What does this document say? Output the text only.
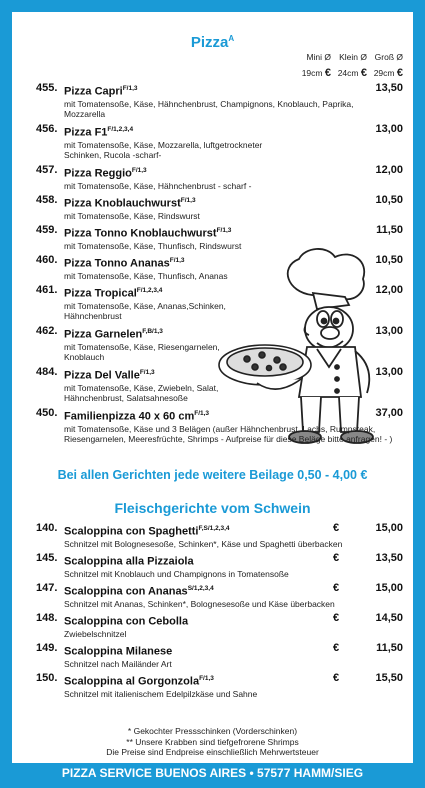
Pizza$^A$
Mini Ø Klein Ø Groß Ø
19cm € 24cm € 29cm €
455. Pizza Capri$^{F/1,3}$	13,50
mit Tomatensoße, Käse, Hähnchenbrust, Champignons, Knoblauch, Paprika, Mozzarella
456. Pizza $F1^{F/1,2,3,4}$	13,00
mit Tomatensoße, Käse, Mozzarella, luftgetrockneter Schinken, Rucola -scharf-
457. Pizza Reggio$^{F/1,3}$	12,00
mit Tomatensoße, Käse, Hähnchenbrust - scharf -
458. Pizza Knoblauchwurst$^{F/1,3}$	10,50
mit Tomatensoße, Käse, Rindswurst
459. Pizza Tonno Knoblauchwurst$^{F/1,3}$	11,50
mit Tomatensoße, Käse, Thunfisch, Rindswurst
460. Pizza Tonno Ananas$^{F/1,3}$	10,50
mit Tomatensoße, Käse, Thunfisch, Ananas
461. Pizza Tropical$^{F/1,2,3,4}$	12,00
mit Tomatensoße, Käse, Ananas,Schinken, Hähnchenbrust
462. Pizza Garnelen$^{F,B/1,3}$	13,00
mit Tomatensoße, Käse, Riesengarnelen, Knoblauch
484. Pizza Del Valle$^{F/1,3}$	13,00
mit Tomatensoße, Käse, Zwiebeln, Salat, Hähnchenbrust, Salatsahnesoße
450. Familienpizza 40 x 60 $cm^{F/1,3}$	37,00
mit Tomatensoße, Käse und 3 Belägen (außer Hähnchenbrust, Lachs, Rumpsteak, Riesengarnelen, Meeresfrüchte, Shrimps - Aufpreise für diese Beläge bitte anfragen! - )
Bei allen Gerichten jede weitere Beilage 0,50 - 4,00 €
Fleischgerichte vom Schwein
140. Scaloppina con Spaghetti$^{F,S/1,2,3,4}$	€	15,00
Schnitzel mit Bolognesesoße, Schinken*, Käse und Spaghetti überbacken
145. Scaloppina alla Pizzaiola	€	13,50
Schnitzel mit Knoblauch und Champignons in Tomatensoße
147. Scaloppina con Ananas$^{S/1,2,3,4}$	€	15,00
Schnitzel mit Ananas, Schinken*, Bolognesesoße und Käse überbacken
148. Scaloppina con Cebolla	€	14,50
Zwiebelschnitzel
149. Scaloppina Milanese	€	11,50
Schnitzel nach Mailänder Art
150. Scaloppina al Gorgonzola$^{F/1,3}$	€	15,50
Schnitzel mit italienischem Edelpilzkäse und Sahne
* Gekochter Pressschinken (Vorderschinken)
** Unsere Krabben sind tiefgefrorene Shrimps
Die Preise sind Endpreise einschließlich Mehrwertsteuer
PIZZA SERVICE BUENOS AIRES • 57577 HAMM/SIEG
